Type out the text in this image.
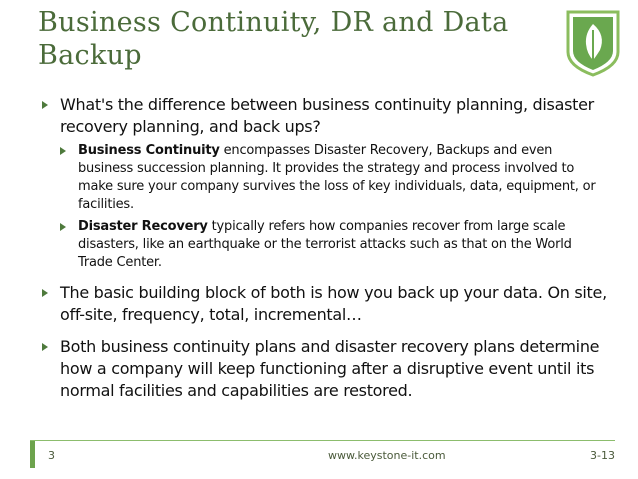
Business Continuity, DR and Data Backup
What's the difference between business continuity planning, disaster recovery planning, and back ups?
Business Continuity encompasses Disaster Recovery, Backups and even business succession planning. It provides the strategy and process involved to make sure your company survives the loss of key individuals, data, equipment, or facilities.
Disaster Recovery typically refers how companies recover from large scale disasters, like an earthquake or the terrorist attacks such as that on the World Trade Center.
The basic building block of both is how you back up your data. On site, off-site, frequency, total, incremental…
Both business continuity plans and disaster recovery plans determine how a company will keep functioning after a disruptive event until its normal facilities and capabilities are restored.
3	www.keystone-it.com	3-13
